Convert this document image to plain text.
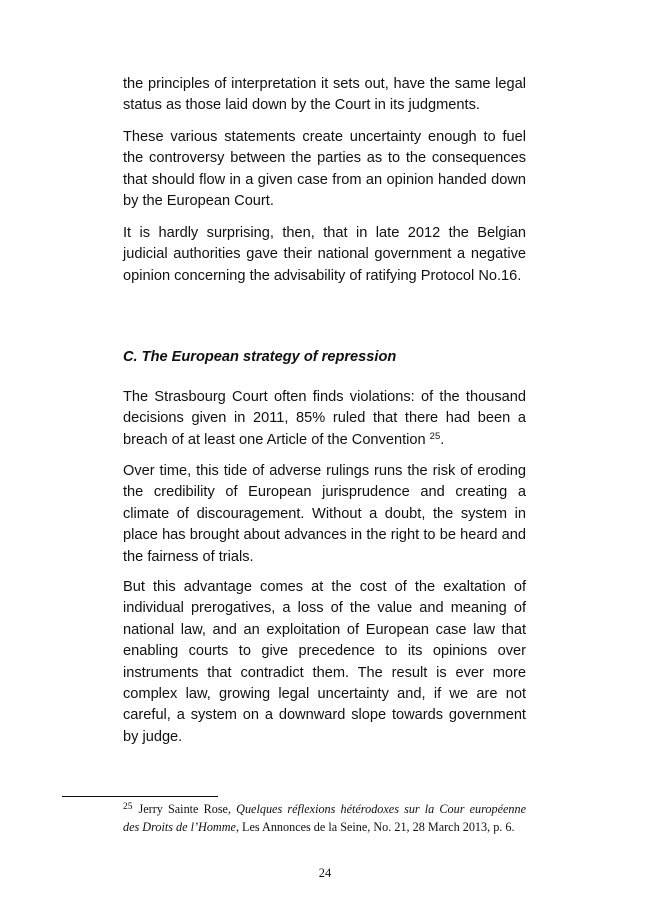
the principles of interpretation it sets out, have the same legal status as those laid down by the Court in its judgments.

These various statements create uncertainty enough to fuel the controversy between the parties as to the consequences that should flow in a given case from an opinion handed down by the European Court.

It is hardly surprising, then, that in late 2012 the Belgian judicial authorities gave their national government a negative opinion concerning the advisability of ratifying Protocol No.16.

C. The European strategy of repression

The Strasbourg Court often finds violations: of the thousand decisions given in 2011, 85% ruled that there had been a breach of at least one Article of the Convention $^{25}$.

Over time, this tide of adverse rulings runs the risk of eroding the credibility of European jurisprudence and creating a climate of discouragement. Without a doubt, the system in place has brought about advances in the right to be heard and the fairness of trials.

But this advantage comes at the cost of the exaltation of individual prerogatives, a loss of the value and meaning of national law, and an exploitation of European case law that enabling courts to give precedence to its opinions over instruments that contradict them. The result is ever more complex law, growing legal uncertainty and, if we are not careful, a system on a downward slope towards government by judge.

$^{25}$ Jerry Sainte Rose, Quelques réflexions hétérodoxes sur la Cour européenne des Droits de l’Homme, Les Annonces de la Seine, No. 21, 28 March 2013, p. 6.

24
